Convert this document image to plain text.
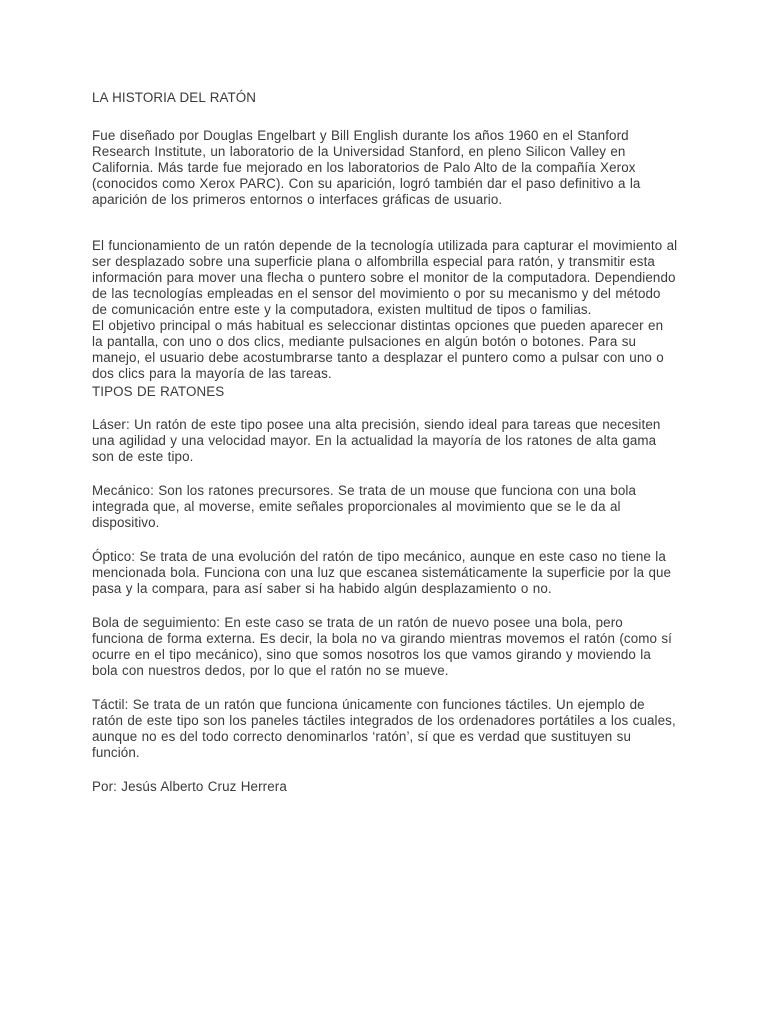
LA HISTORIA DEL RATÓN

Fue diseñado por Douglas Engelbart y Bill English durante los años 1960 en el Stanford Research Institute, un laboratorio de la Universidad Stanford, en pleno Silicon Valley en California. Más tarde fue mejorado en los laboratorios de Palo Alto de la compañía Xerox (conocidos como Xerox PARC). Con su aparición, logró también dar el paso definitivo a la aparición de los primeros entornos o interfaces gráficas de usuario.

El funcionamiento de un ratón depende de la tecnología utilizada para capturar el movimiento al ser desplazado sobre una superficie plana o alfombrilla especial para ratón, y transmitir esta información para mover una flecha o puntero sobre el monitor de la computadora. Dependiendo de las tecnologías empleadas en el sensor del movimiento o por su mecanismo y del método de comunicación entre este y la computadora, existen multitud de tipos o familias.

El objetivo principal o más habitual es seleccionar distintas opciones que pueden aparecer en la pantalla, con uno o dos clics, mediante pulsaciones en algún botón o botones. Para su manejo, el usuario debe acostumbrarse tanto a desplazar el puntero como a pulsar con uno o dos clics para la mayoría de las tareas.

TIPOS DE RATONES

Láser: Un ratón de este tipo posee una alta precisión, siendo ideal para tareas que necesiten una agilidad y una velocidad mayor. En la actualidad la mayoría de los ratones de alta gama son de este tipo.

Mecánico: Son los ratones precursores. Se trata de un mouse que funciona con una bola integrada que, al moverse, emite señales proporcionales al movimiento que se le da al dispositivo.

Óptico: Se trata de una evolución del ratón de tipo mecánico, aunque en este caso no tiene la mencionada bola. Funciona con una luz que escanea sistemáticamente la superficie por la que pasa y la compara, para así saber si ha habido algún desplazamiento o no.

Bola de seguimiento: En este caso se trata de un ratón de nuevo posee una bola, pero funciona de forma externa. Es decir, la bola no va girando mientras movemos el ratón (como sí ocurre en el tipo mecánico), sino que somos nosotros los que vamos girando y moviendo la bola con nuestros dedos, por lo que el ratón no se mueve.

Táctil: Se trata de un ratón que funciona únicamente con funciones táctiles. Un ejemplo de ratón de este tipo son los paneles táctiles integrados de los ordenadores portátiles a los cuales, aunque no es del todo correcto denominarlos ‘ratón’, sí que es verdad que sustituyen su función.

Por: Jesús Alberto Cruz Herrera
